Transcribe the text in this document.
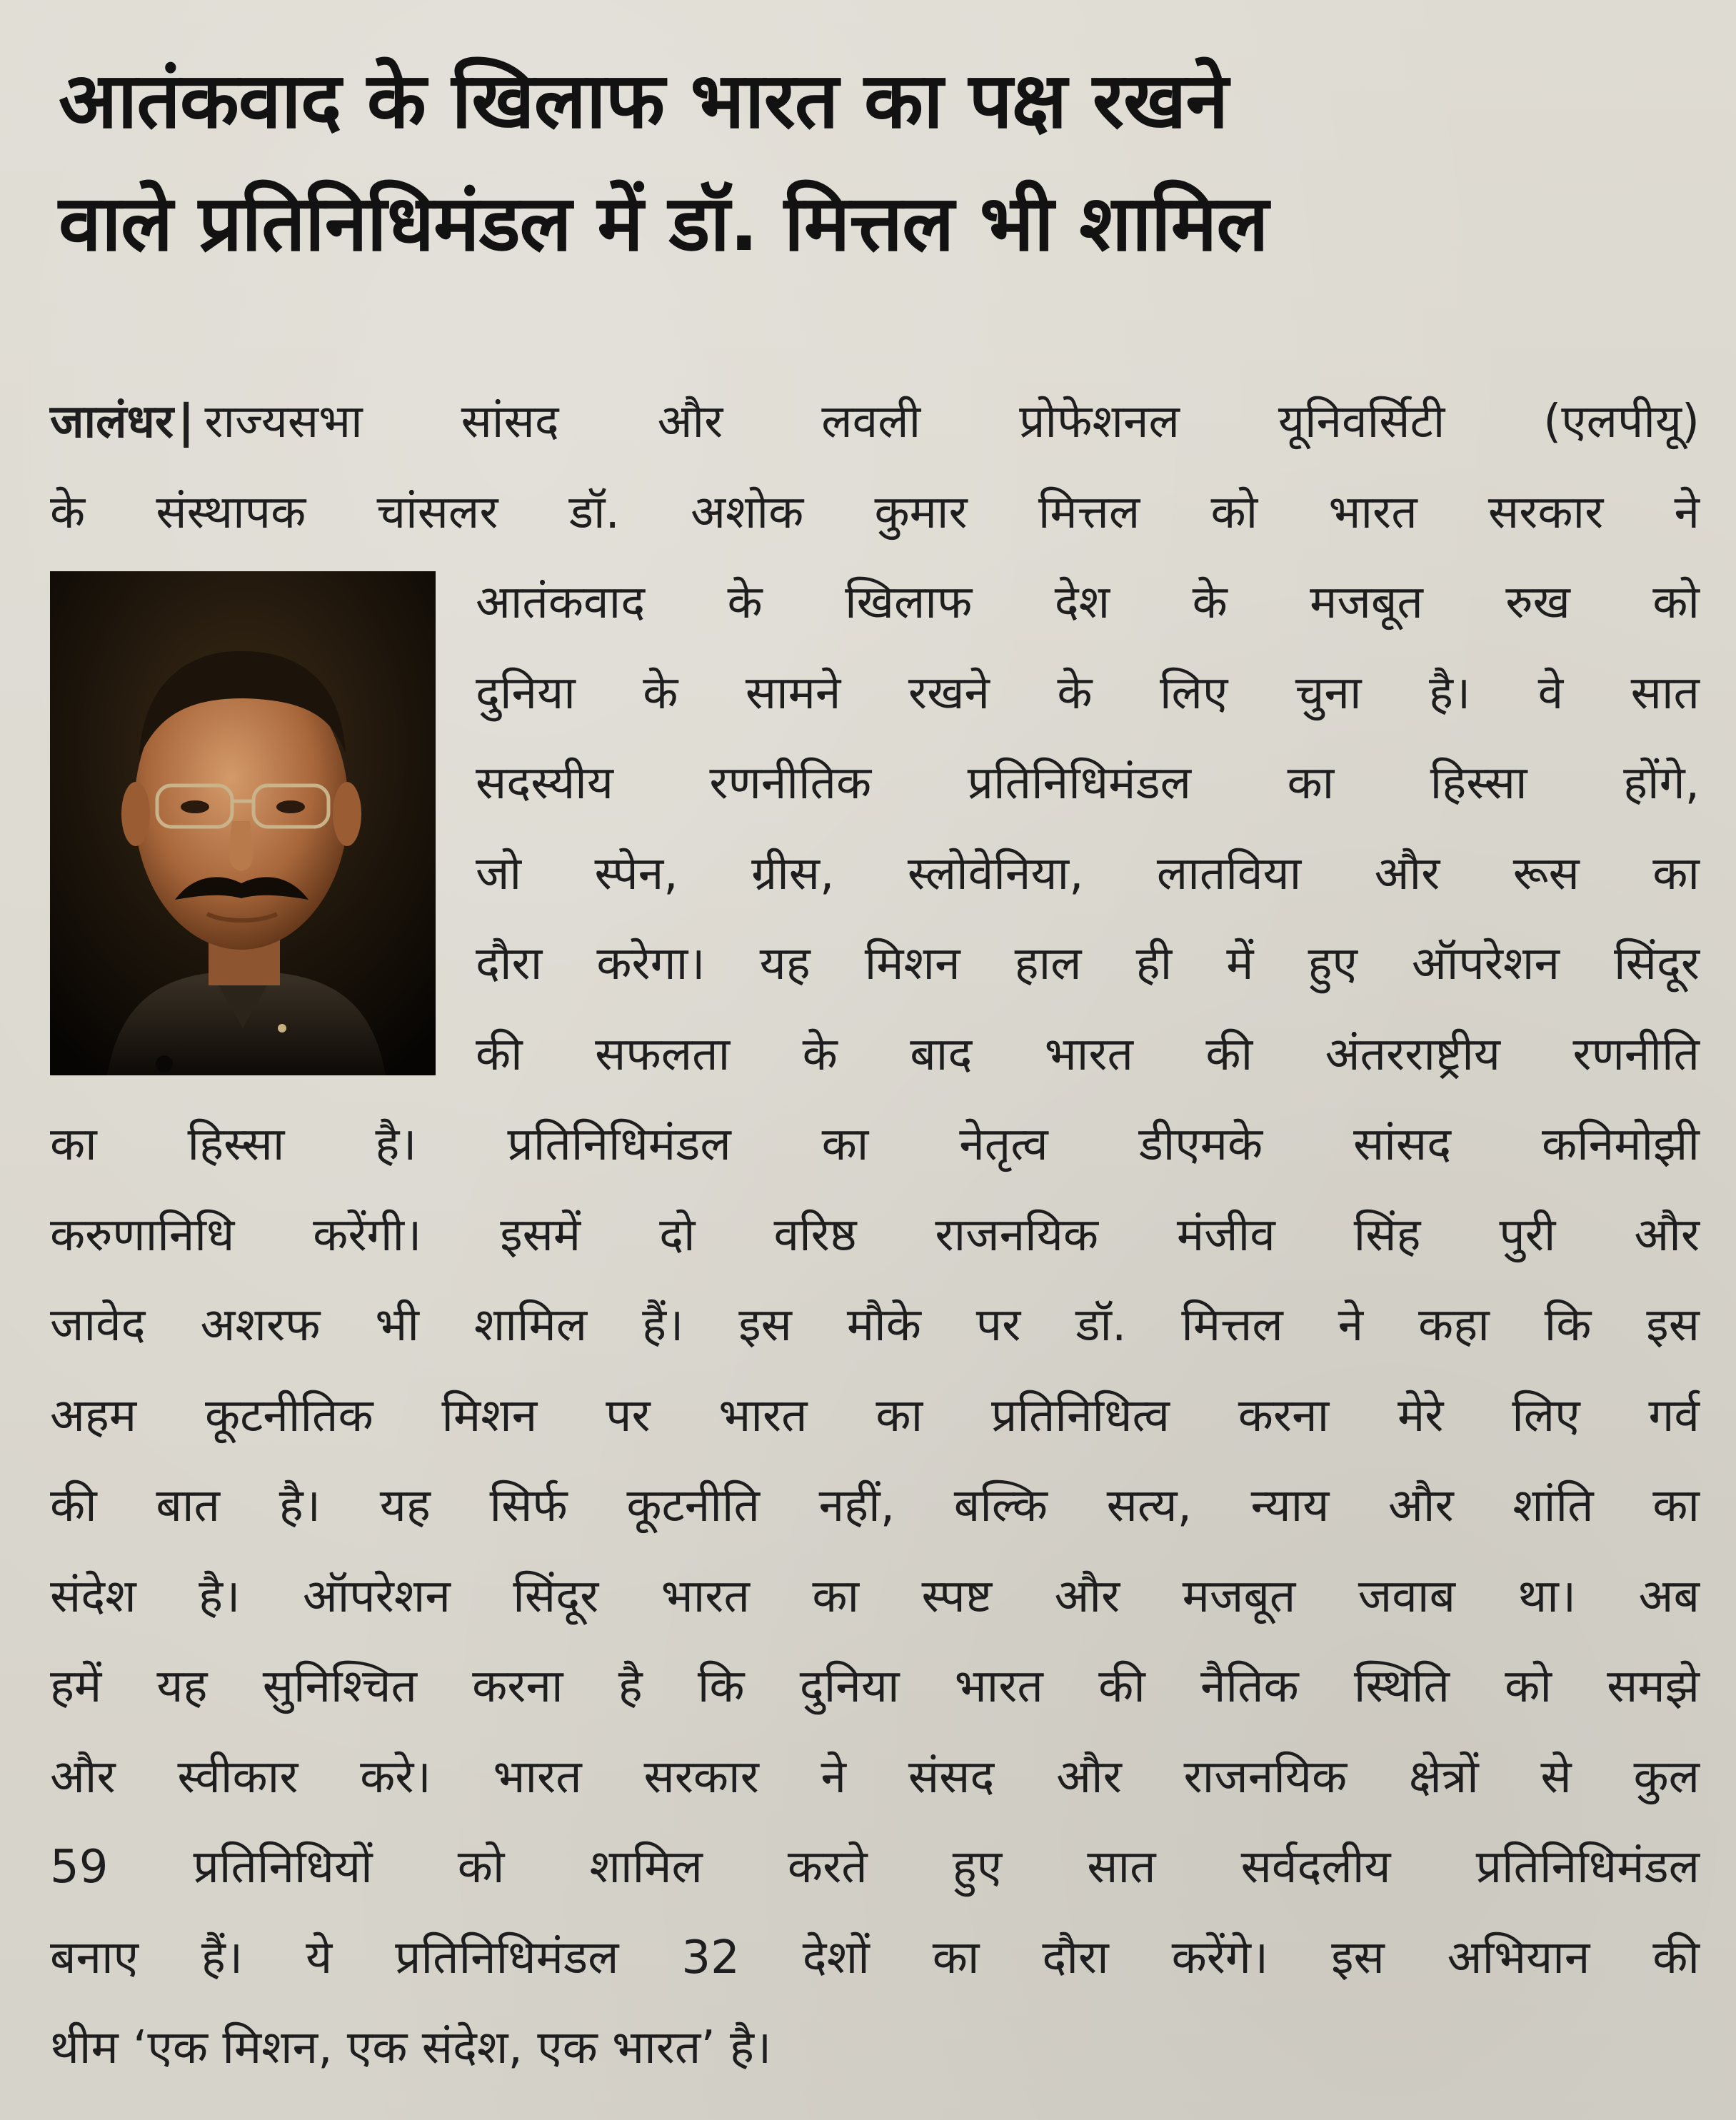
आतंकवाद के खिलाफ भारत का पक्ष रखने
वाले प्रतिनिधिमंडल में डॉ. मित्तल भी शामिल
जालंधर| राज्यसभा सांसद और लवली प्रोफेशनल यूनिवर्सिटी (एलपीयू)
के संस्थापक चांसलर डॉ. अशोक कुमार मित्तल को भारत सरकार ने
आतंकवाद के खिलाफ देश के मजबूत रुख को
दुनिया के सामने रखने के लिए चुना है। वे सात
सदस्यीय रणनीतिक प्रतिनिधिमंडल का हिस्सा होंगे,
जो स्पेन, ग्रीस, स्लोवेनिया, लातविया और रूस का
दौरा करेगा। यह मिशन हाल ही में हुए ऑपरेशन सिंदूर
की सफलता के बाद भारत की अंतरराष्ट्रीय रणनीति
का हिस्सा है। प्रतिनिधिमंडल का नेतृत्व डीएमके सांसद कनिमोझी
करुणानिधि करेंगी। इसमें दो वरिष्ठ राजनयिक मंजीव सिंह पुरी और
जावेद अशरफ भी शामिल हैं। इस मौके पर डॉ. मित्तल ने कहा कि इस
अहम कूटनीतिक मिशन पर भारत का प्रतिनिधित्व करना मेरे लिए गर्व
की बात है। यह सिर्फ कूटनीति नहीं, बल्कि सत्य, न्याय और शांति का
संदेश है। ऑपरेशन सिंदूर भारत का स्पष्ट और मजबूत जवाब था। अब
हमें यह सुनिश्चित करना है कि दुनिया भारत की नैतिक स्थिति को समझे
और स्वीकार करे। भारत सरकार ने संसद और राजनयिक क्षेत्रों से कुल
59 प्रतिनिधियों को शामिल करते हुए सात सर्वदलीय प्रतिनिधिमंडल
बनाए हैं। ये प्रतिनिधिमंडल 32 देशों का दौरा करेंगे। इस अभियान की
थीम ‘एक मिशन, एक संदेश, एक भारत’ है।
